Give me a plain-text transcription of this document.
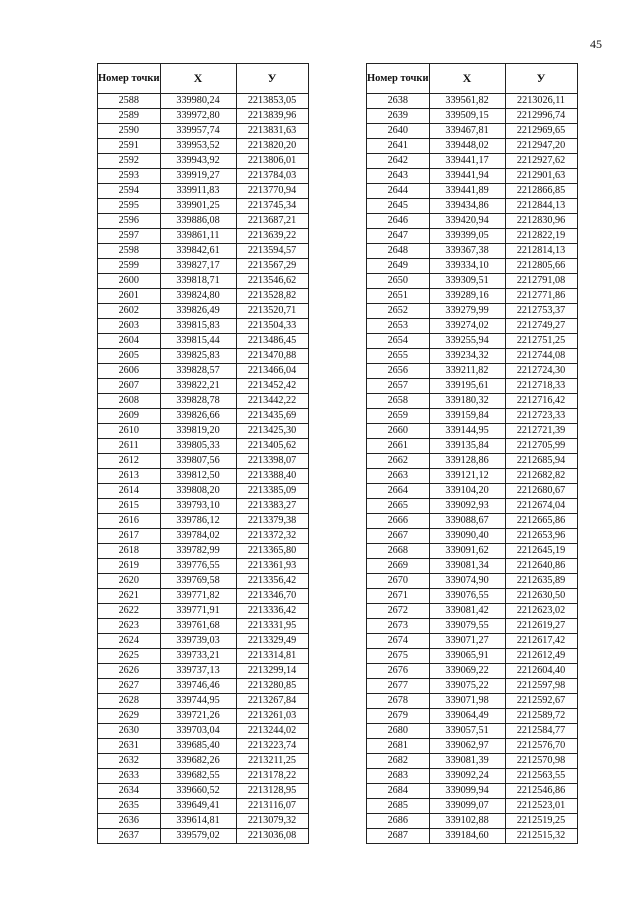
45
Номер точки	Х	У
2588	339980,24	2213853,05
2589	339972,80	2213839,96
2590	339957,74	2213831,63
2591	339953,52	2213820,20
2592	339943,92	2213806,01
2593	339919,27	2213784,03
2594	339911,83	2213770,94
2595	339901,25	2213745,34
2596	339886,08	2213687,21
2597	339861,11	2213639,22
2598	339842,61	2213594,57
2599	339827,17	2213567,29
2600	339818,71	2213546,62
2601	339824,80	2213528,82
2602	339826,49	2213520,71
2603	339815,83	2213504,33
2604	339815,44	2213486,45
2605	339825,83	2213470,88
2606	339828,57	2213466,04
2607	339822,21	2213452,42
2608	339828,78	2213442,22
2609	339826,66	2213435,69
2610	339819,20	2213425,30
2611	339805,33	2213405,62
2612	339807,56	2213398,07
2613	339812,50	2213388,40
2614	339808,20	2213385,09
2615	339793,10	2213383,27
2616	339786,12	2213379,38
2617	339784,02	2213372,32
2618	339782,99	2213365,80
2619	339776,55	2213361,93
2620	339769,58	2213356,42
2621	339771,82	2213346,70
2622	339771,91	2213336,42
2623	339761,68	2213331,95
2624	339739,03	2213329,49
2625	339733,21	2213314,81
2626	339737,13	2213299,14
2627	339746,46	2213280,85
2628	339744,95	2213267,84
2629	339721,26	2213261,03
2630	339703,04	2213244,02
2631	339685,40	2213223,74
2632	339682,26	2213211,25
2633	339682,55	2213178,22
2634	339660,52	2213128,95
2635	339649,41	2213116,07
2636	339614,81	2213079,32
2637	339579,02	2213036,08
Номер точки	Х	У
2638	339561,82	2213026,11
2639	339509,15	2212996,74
2640	339467,81	2212969,65
2641	339448,02	2212947,20
2642	339441,17	2212927,62
2643	339441,94	2212901,63
2644	339441,89	2212866,85
2645	339434,86	2212844,13
2646	339420,94	2212830,96
2647	339399,05	2212822,19
2648	339367,38	2212814,13
2649	339334,10	2212805,66
2650	339309,51	2212791,08
2651	339289,16	2212771,86
2652	339279,99	2212753,37
2653	339274,02	2212749,27
2654	339255,94	2212751,25
2655	339234,32	2212744,08
2656	339211,82	2212724,30
2657	339195,61	2212718,33
2658	339180,32	2212716,42
2659	339159,84	2212723,33
2660	339144,95	2212721,39
2661	339135,84	2212705,99
2662	339128,86	2212685,94
2663	339121,12	2212682,82
2664	339104,20	2212680,67
2665	339092,93	2212674,04
2666	339088,67	2212665,86
2667	339090,40	2212653,96
2668	339091,62	2212645,19
2669	339081,34	2212640,86
2670	339074,90	2212635,89
2671	339076,55	2212630,50
2672	339081,42	2212623,02
2673	339079,55	2212619,27
2674	339071,27	2212617,42
2675	339065,91	2212612,49
2676	339069,22	2212604,40
2677	339075,22	2212597,98
2678	339071,98	2212592,67
2679	339064,49	2212589,72
2680	339057,51	2212584,77
2681	339062,97	2212576,70
2682	339081,39	2212570,98
2683	339092,24	2212563,55
2684	339099,94	2212546,86
2685	339099,07	2212523,01
2686	339102,88	2212519,25
2687	339184,60	2212515,32
